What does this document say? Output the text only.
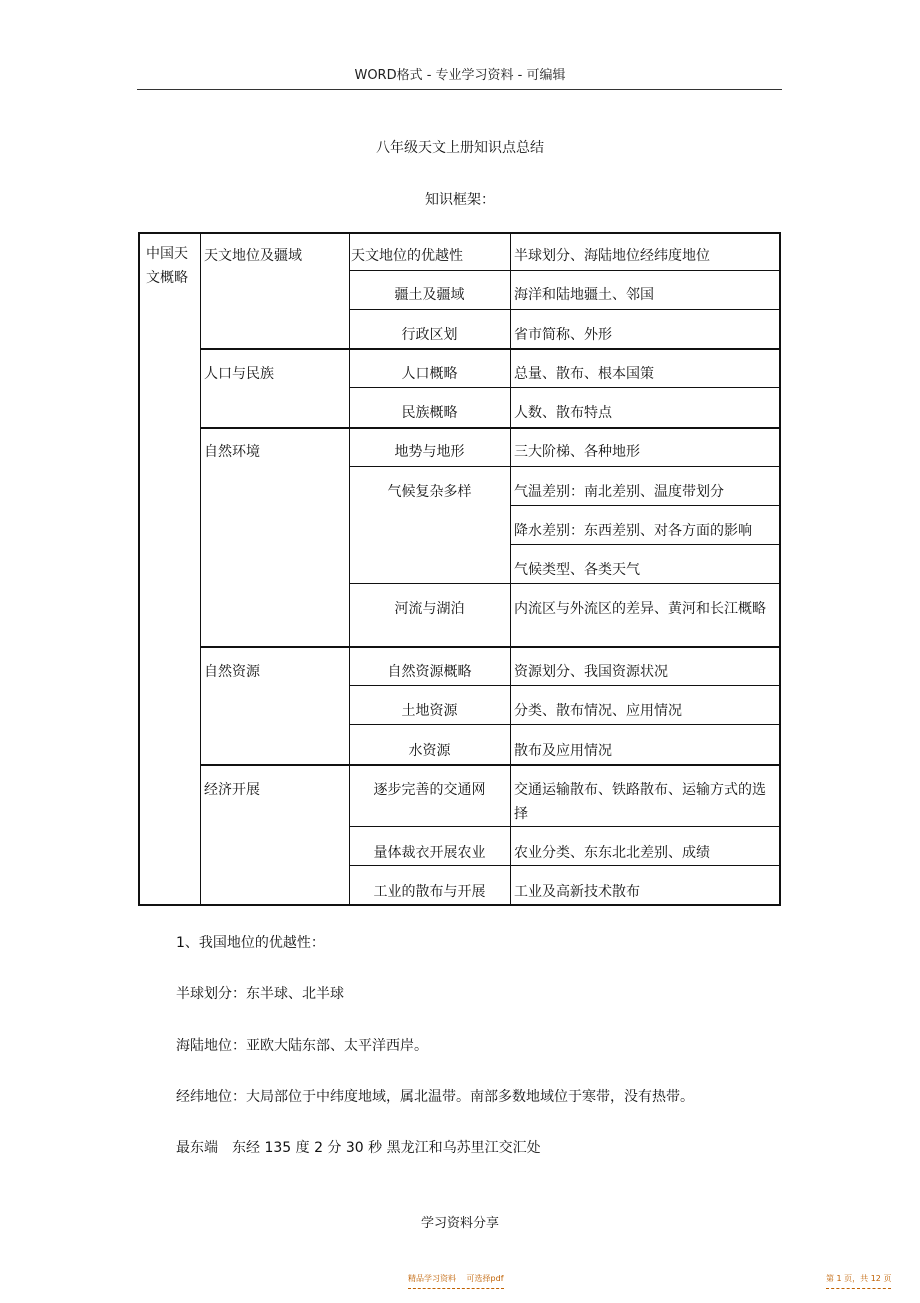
WORD格式 - 专业学习资料 - 可编辑
八年级天文上册知识点总结
知识框架：
中国天文概略
天文地位及疆域
人口与民族
自然环境
自然资源
经济开展
天文地位的优越性
疆土及疆域
行政区划
人口概略
民族概略
地势与地形
气候复杂多样
河流与湖泊
自然资源概略
土地资源
水资源
逐步完善的交通网
量体裁衣开展农业
工业的散布与开展
半球划分、海陆地位经纬度地位
海洋和陆地疆土、邻国
省市简称、外形
总量、散布、根本国策
人数、散布特点
三大阶梯、各种地形
气温差别：南北差别、温度带划分
降水差别：东西差别、对各方面的影响
气候类型、各类天气
内流区与外流区的差异、黄河和长江概略
资源划分、我国资源状况
分类、散布情况、应用情况
散布及应用情况
交通运输散布、铁路散布、运输方式的选择
农业分类、东东北北差别、成绩
工业及高新技术散布
1、我国地位的优越性：
半球划分：东半球、北半球
海陆地位：亚欧大陆东部、太平洋西岸。
经纬地位：大局部位于中纬度地域，属北温带。南部多数地域位于寒带，没有热带。
最东端　东经 135 度 2 分 30 秒 黑龙江和乌苏里江交汇处
学习资料分享
精品学习资料　 可选择pdf	第 1 页，共 12 页
